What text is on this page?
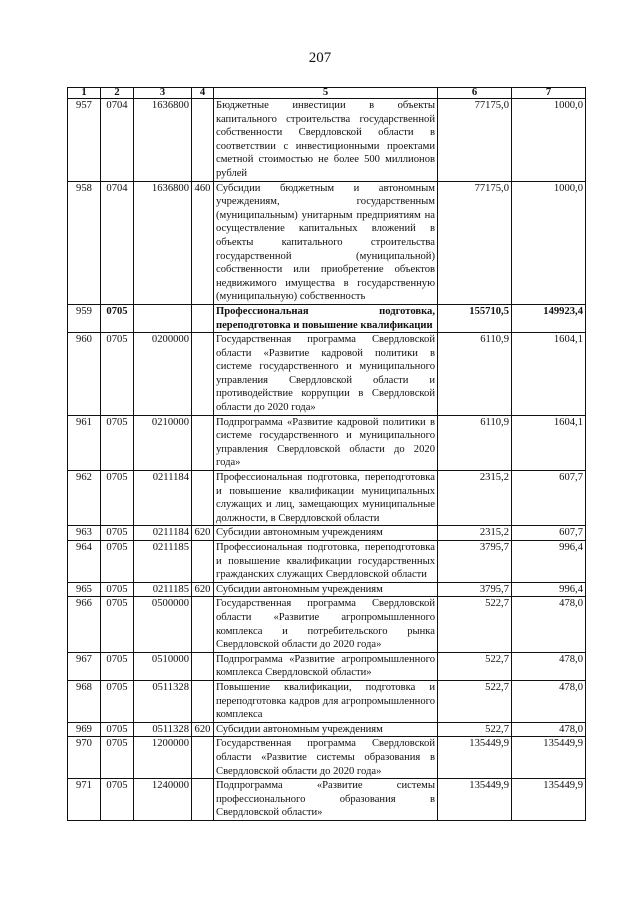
207
1	2	3	4	5	6	7
957	0704	1636800		Бюджетные инвестиции в объекты капитального строительства государственной собственности Свердловской области в соответствии с инвестиционными проектами сметной стоимостью не более 500 миллионов рублей	77175,0	1000,0
958	0704	1636800	460	Субсидии бюджетным и автономным учреждениям, государственным (муниципальным) унитарным предприятиям на осуществление капитальных вложений в объекты капитального строительства государственной (муниципальной) собственности или приобретение объектов недвижимого имущества в государственную (муниципальную) собственность	77175,0	1000,0
959	0705			Профессиональная подготовка, переподготовка и повышение квалификации	155710,5	149923,4
960	0705	0200000		Государственная программа Свердловской области «Развитие кадровой политики в системе государственного и муниципального управления Свердловской области и противодействие коррупции в Свердловской области до 2020 года»	6110,9	1604,1
961	0705	0210000		Подпрограмма «Развитие кадровой политики в системе государственного и муниципального управления Свердловской области до 2020 года»	6110,9	1604,1
962	0705	0211184		Профессиональная подготовка, переподготовка и повышение квалификации муниципальных служащих и лиц, замещающих муниципальные должности, в Свердловской области	2315,2	607,7
963	0705	0211184	620	Субсидии автономным учреждениям	2315,2	607,7
964	0705	0211185		Профессиональная подготовка, переподготовка и повышение квалификации государственных гражданских служащих Свердловской области	3795,7	996,4
965	0705	0211185	620	Субсидии автономным учреждениям	3795,7	996,4
966	0705	0500000		Государственная программа Свердловской области «Развитие агропромышленного комплекса и потребительского рынка Свердловской области до 2020 года»	522,7	478,0
967	0705	0510000		Подпрограмма «Развитие агропромышленного комплекса Свердловской области»	522,7	478,0
968	0705	0511328		Повышение квалификации, подготовка и переподготовка кадров для агропромышленного комплекса	522,7	478,0
969	0705	0511328	620	Субсидии автономным учреждениям	522,7	478,0
970	0705	1200000		Государственная программа Свердловской области «Развитие системы образования в Свердловской области до 2020 года»	135449,9	135449,9
971	0705	1240000		Подпрограмма «Развитие системы профессионального образования в Свердловской области»	135449,9	135449,9
